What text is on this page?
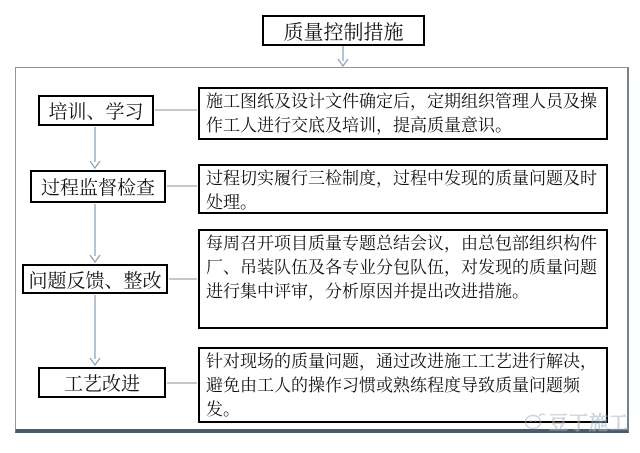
质量控制措施
培训、学习
过程监督检查
问题反馈、整改
工艺改进
施工图纸及设计文件确定后，定期组织管理人员及操作工人进行交底及培训，提高质量意识。
过程切实履行三检制度，过程中发现的质量问题及时处理。
每周召开项目质量专题总结会议，由总包部组织构件厂、吊装队伍及各专业分包队伍，对发现的质量问题进行集中评审，分析原因并提出改进措施。
针对现场的质量问题，通过改进施工工艺进行解决，避免由工人的操作习惯或熟练程度导致质量问题频发。
豆丁施工
